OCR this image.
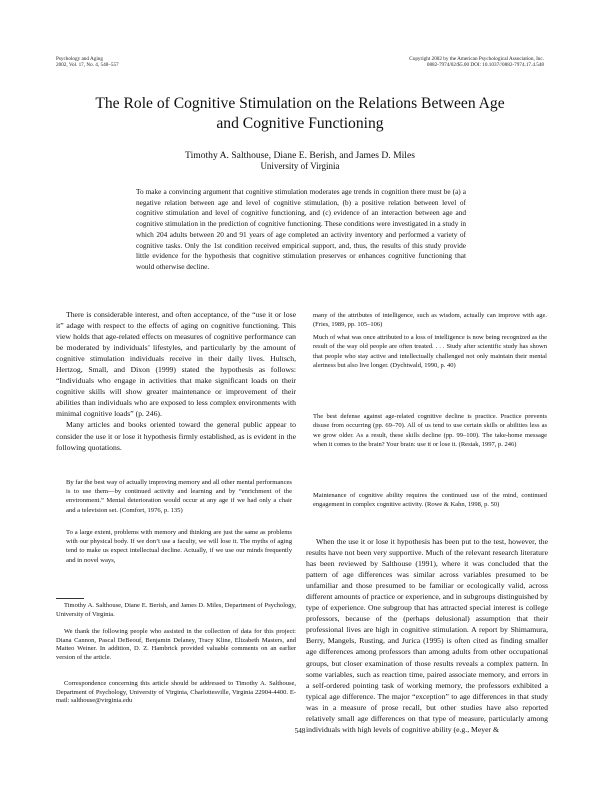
Psychology and Aging
2002, Vol. 17, No. 4, 548–557
Copyright 2002 by the American Psychological Association, Inc.
0882-7974/02/$5.00 DOI: 10.1037//0882-7974.17.4.548
The Role of Cognitive Stimulation on the Relations Between Age
and Cognitive Functioning
Timothy A. Salthouse, Diane E. Berish, and James D. Miles
University of Virginia
To make a convincing argument that cognitive stimulation moderates age trends in cognition there must be (a) a negative relation between age and level of cognitive stimulation, (b) a positive relation between level of cognitive stimulation and level of cognitive functioning, and (c) evidence of an interaction between age and cognitive stimulation in the prediction of cognitive functioning. These conditions were investigated in a study in which 204 adults between 20 and 91 years of age completed an activity inventory and performed a variety of cognitive tasks. Only the 1st condition received empirical support, and, thus, the results of this study provide little evidence for the hypothesis that cognitive stimulation preserves or enhances cognitive functioning that would otherwise decline.

There is considerable interest, and often acceptance, of the “use it or lose it” adage with respect to the effects of aging on cognitive functioning. This view holds that age-related effects on measures of cognitive performance can be moderated by individuals’ lifestyles, and particularly by the amount of cognitive stimulation individuals receive in their daily lives. Hultsch, Hertzog, Small, and Dixon (1999) stated the hypothesis as follows: “Individuals who engage in activities that make significant loads on their cognitive skills will show greater maintenance or improvement of their abilities than individuals who are exposed to less complex environments with minimal cognitive loads” (p. 246).

Many articles and books oriented toward the general public appear to consider the use it or lose it hypothesis firmly established, as is evident in the following quotations.

By far the best way of actually improving memory and all other mental performances is to use them—by continued activity and learning and by “enrichment of the environment.” Mental deterioration would occur at any age if we had only a chair and a television set. (Comfort, 1976, p. 135)

To a large extent, problems with memory and thinking are just the same as problems with our physical body. If we don’t use a faculty, we will lose it. The myths of aging tend to make us expect intellectual decline. Actually, if we use our minds frequently and in novel ways,

Timothy A. Salthouse, Diane E. Berish, and James D. Miles, Department of Psychology, University of Virginia.

We thank the following people who assisted in the collection of data for this project: Diana Cannon, Pascal DeBeouf, Benjamin Delaney, Tracy Kline, Elizabeth Masters, and Matteo Weiner. In addition, D. Z. Hambrick provided valuable comments on an earlier version of the article.

Correspondence concerning this article should be addressed to Timothy A. Salthouse, Department of Psychology, University of Virginia, Charlottesville, Virginia 22904-4400. E-mail: salthouse@virginia.edu

many of the attributes of intelligence, such as wisdom, actually can improve with age. (Fries, 1989, pp. 105–106)

Much of what was once attributed to a loss of intelligence is now being recognized as the result of the way old people are often treated. . . . Study after scientific study has shown that people who stay active and intellectually challenged not only maintain their mental alertness but also live longer. (Dychtwald, 1990, p. 40)

The best defense against age-related cognitive decline is practice. Practice prevents disuse from occurring (pp. 69–70). All of us tend to use certain skills or abilities less as we grow older. As a result, these skills decline (pp. 99–100). The take-home message when it comes to the brain? Your brain: use it or lose it. (Restak, 1997, p. 246)

Maintenance of cognitive ability requires the continued use of the mind, continued engagement in complex cognitive activity. (Rowe & Kahn, 1998, p. 50)

When the use it or lose it hypothesis has been put to the test, however, the results have not been very supportive. Much of the relevant research literature has been reviewed by Salthouse (1991), where it was concluded that the pattern of age differences was similar across variables presumed to be unfamiliar and those presumed to be familiar or ecologically valid, across different amounts of practice or experience, and in subgroups distinguished by type of experience. One subgroup that has attracted special interest is college professors, because of the (perhaps delusional) assumption that their professional lives are high in cognitive stimulation. A report by Shimamura, Berry, Mangels, Rusting, and Jurica (1995) is often cited as finding smaller age differences among professors than among adults from other occupational groups, but closer examination of those results reveals a complex pattern. In some variables, such as reaction time, paired associate memory, and errors in a self-ordered pointing task of working memory, the professors exhibited a typical age difference. The major “exception” to age differences in that study was in a measure of prose recall, but other studies have also reported relatively small age differences on that type of measure, particularly among individuals with high levels of cognitive ability (e.g., Meyer &

548
